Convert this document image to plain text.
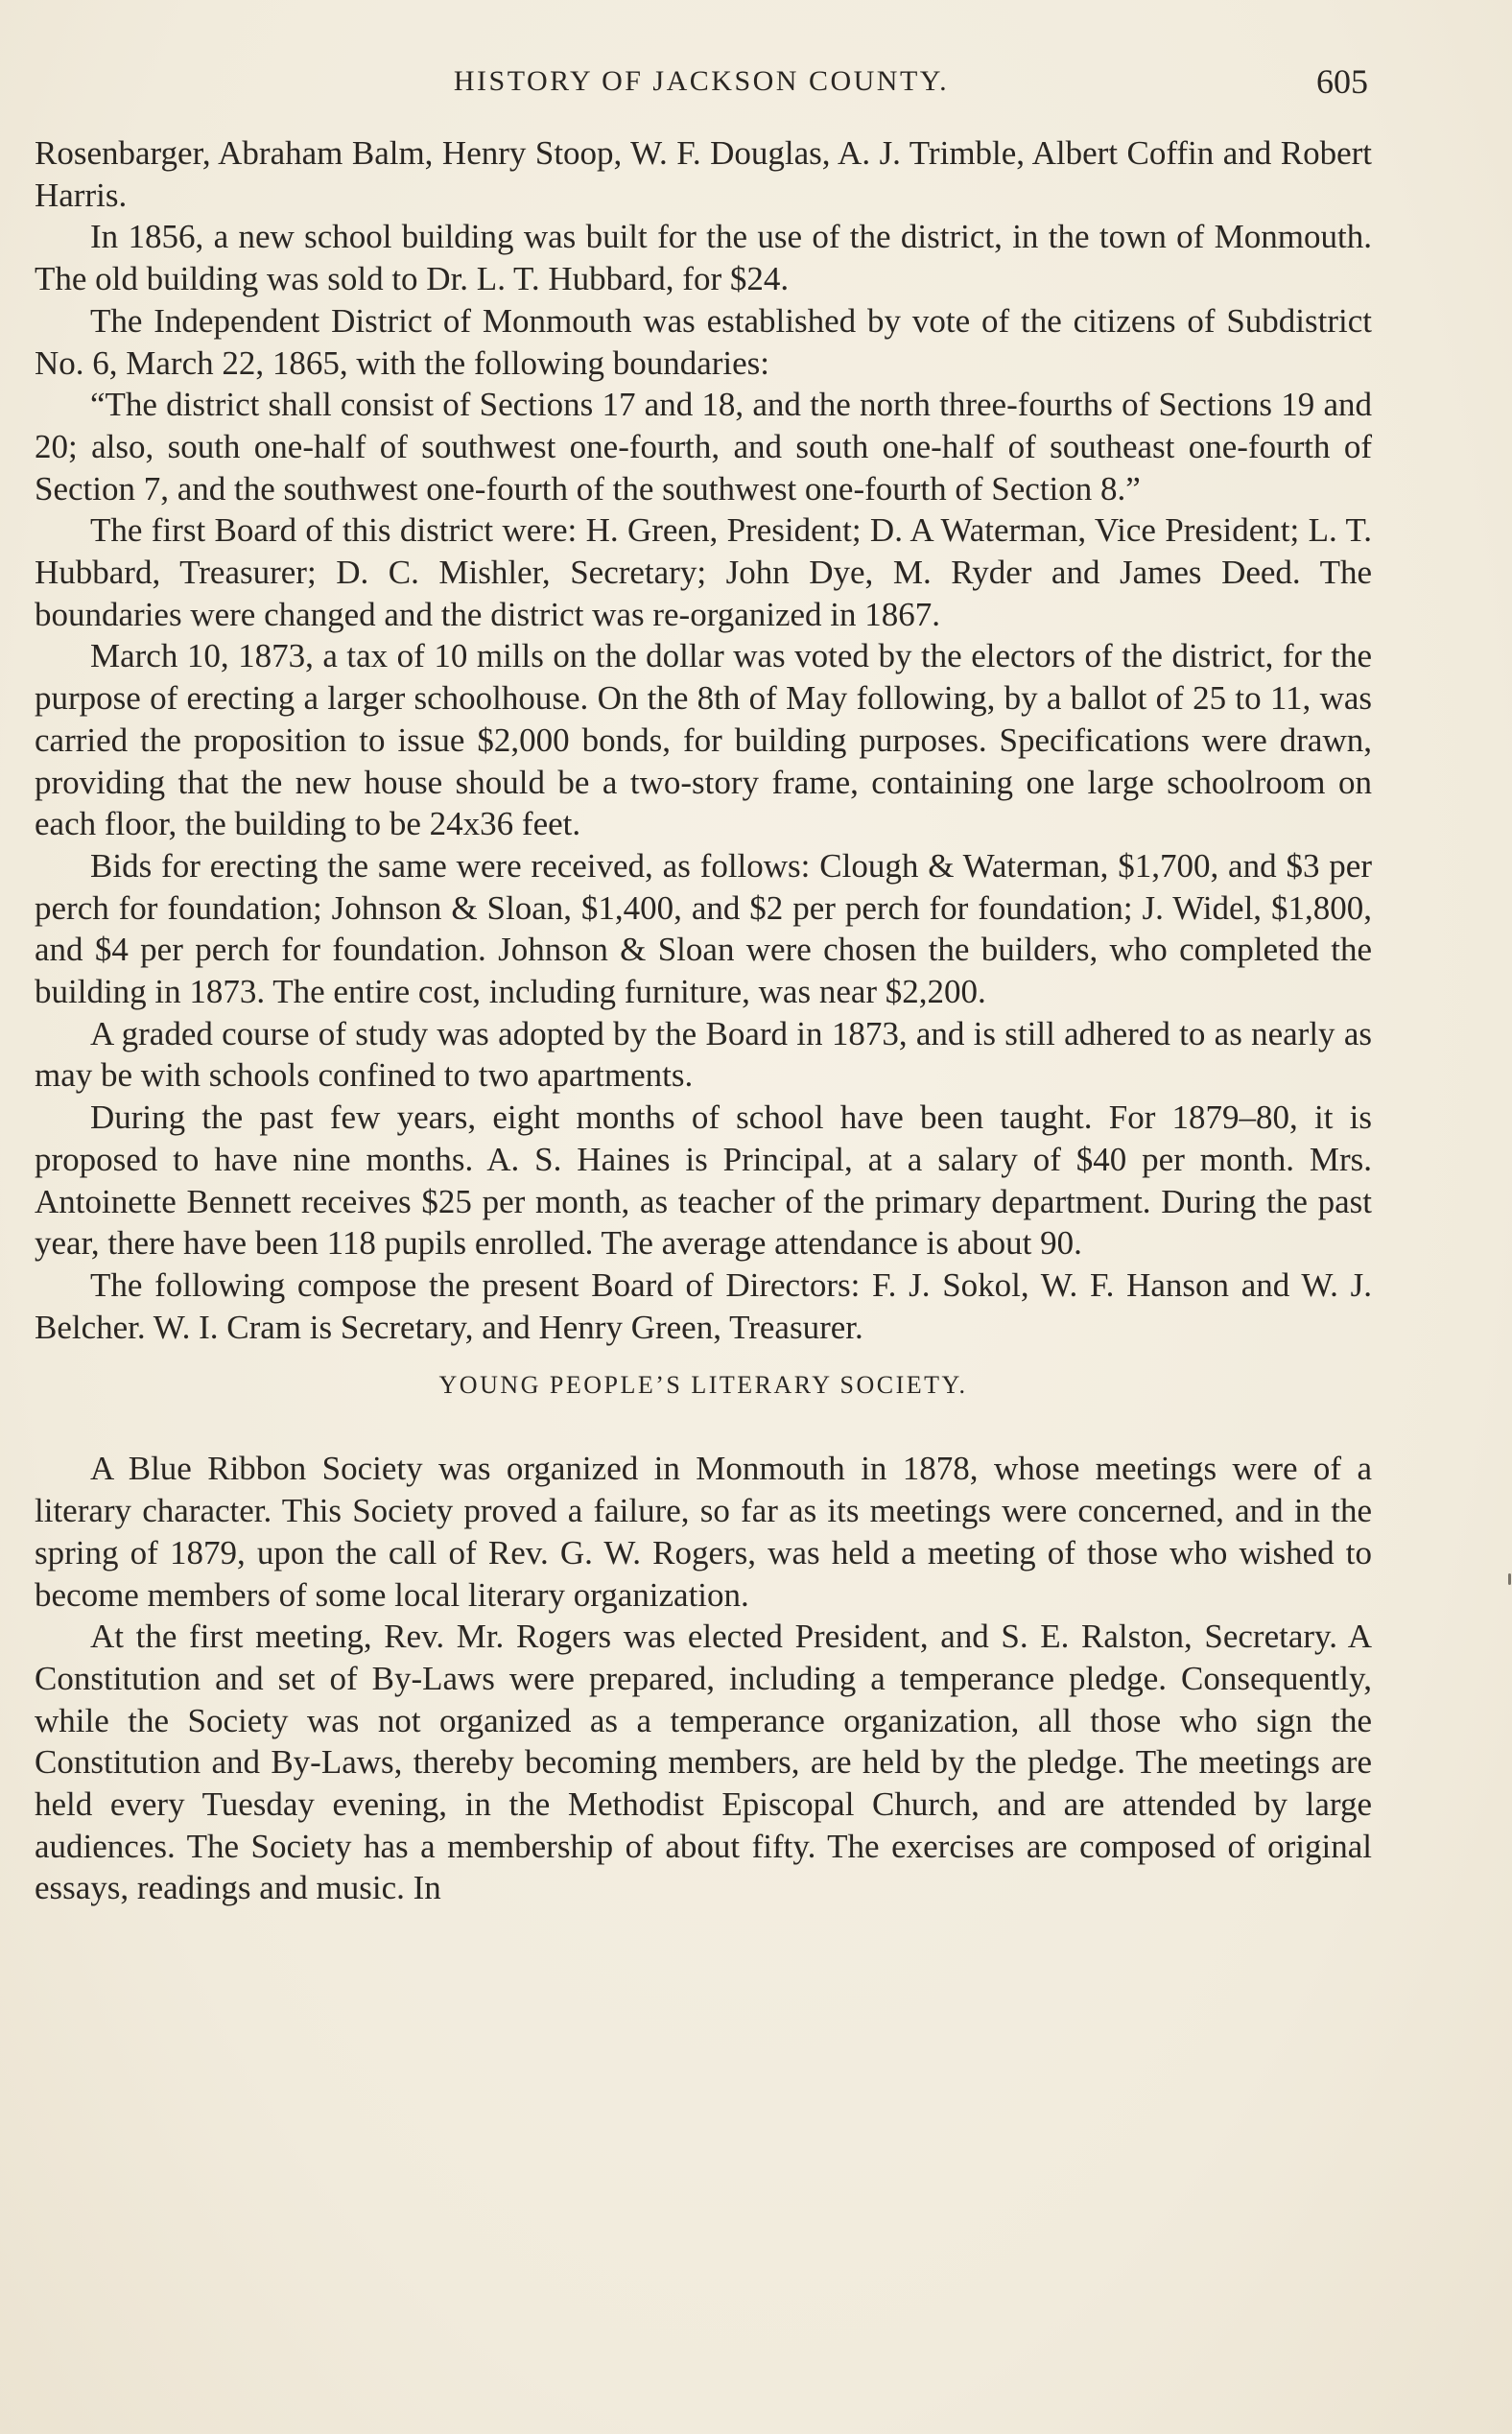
HISTORY OF JACKSON COUNTY.	605

Rosenbarger, Abraham Balm, Henry Stoop, W. F. Douglas, A. J. Trimble, Albert Coffin and Robert Harris.

In 1856, a new school building was built for the use of the district, in the town of Monmouth. The old building was sold to Dr. L. T. Hubbard, for $24.

The Independent District of Monmouth was established by vote of the citizens of Subdistrict No. 6, March 22, 1865, with the following boundaries:

“The district shall consist of Sections 17 and 18, and the north three-fourths of Sections 19 and 20; also, south one-half of southwest one-fourth, and south one-half of southeast one-fourth of Section 7, and the southwest one-fourth of the southwest one-fourth of Section 8.”

The first Board of this district were: H. Green, President; D. A Waterman, Vice President; L. T. Hubbard, Treasurer; D. C. Mishler, Secretary; John Dye, M. Ryder and James Deed. The boundaries were changed and the district was re-organized in 1867.

March 10, 1873, a tax of 10 mills on the dollar was voted by the electors of the district, for the purpose of erecting a larger schoolhouse. On the 8th of May following, by a ballot of 25 to 11, was carried the proposition to issue $2,000 bonds, for building purposes. Specifications were drawn, providing that the new house should be a two-story frame, containing one large schoolroom on each floor, the building to be 24x36 feet.

Bids for erecting the same were received, as follows: Clough & Waterman, $1,700, and $3 per perch for foundation; Johnson & Sloan, $1,400, and $2 per perch for foundation; J. Widel, $1,800, and $4 per perch for foundation. Johnson & Sloan were chosen the builders, who completed the building in 1873. The entire cost, including furniture, was near $2,200.

A graded course of study was adopted by the Board in 1873, and is still adhered to as nearly as may be with schools confined to two apartments.

During the past few years, eight months of school have been taught. For 1879–80, it is proposed to have nine months. A. S. Haines is Principal, at a salary of $40 per month. Mrs. Antoinette Bennett receives $25 per month, as teacher of the primary department. During the past year, there have been 118 pupils enrolled. The average attendance is about 90.

The following compose the present Board of Directors: F. J. Sokol, W. F. Hanson and W. J. Belcher. W. I. Cram is Secretary, and Henry Green, Treasurer.

YOUNG PEOPLE’S LITERARY SOCIETY.

A Blue Ribbon Society was organized in Monmouth in 1878, whose meetings were of a literary character. This Society proved a failure, so far as its meetings were concerned, and in the spring of 1879, upon the call of Rev. G. W. Rogers, was held a meeting of those who wished to become members of some local literary organization.

At the first meeting, Rev. Mr. Rogers was elected President, and S. E. Ralston, Secretary. A Constitution and set of By-Laws were prepared, including a temperance pledge. Consequently, while the Society was not organized as a temperance organization, all those who sign the Constitution and By-Laws, thereby becoming members, are held by the pledge. The meetings are held every Tuesday evening, in the Methodist Episcopal Church, and are attended by large audiences. The Society has a membership of about fifty. The exercises are composed of original essays, readings and music. In
